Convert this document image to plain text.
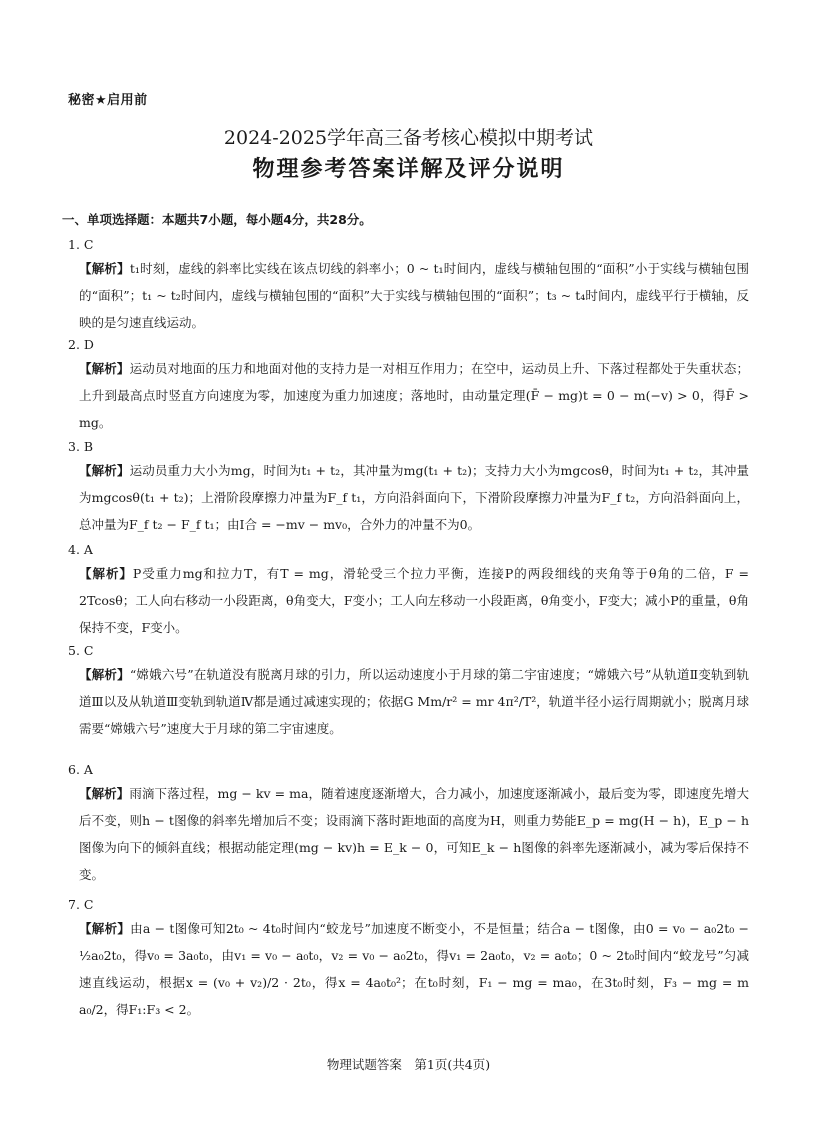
秘密★启用前
2024-2025学年高三备考核心模拟中期考试
物理参考答案详解及评分说明
一、单项选择题：本题共7小题，每小题4分，共28分。
1. C
【解析】t₁时刻，虚线的斜率比实线在该点切线的斜率小；0 ~ t₁时间内，虚线与横轴包围的“面积”小于实线与横轴包围的“面积”；t₁ ~ t₂时间内，虚线与横轴包围的“面积”大于实线与横轴包围的“面积”；t₃ ~ t₄时间内，虚线平行于横轴，反映的是匀速直线运动。
2. D
【解析】运动员对地面的压力和地面对他的支持力是一对相互作用力；在空中，运动员上升、下落过程都处于失重状态；上升到最高点时竖直方向速度为零，加速度为重力加速度；落地时，由动量定理(F̄ − mg)t = 0 − m(−v) > 0，得F̄ > mg。
3. B
【解析】运动员重力大小为mg，时间为t₁ + t₂，其冲量为mg(t₁ + t₂)；支持力大小为mgcosθ，时间为t₁ + t₂，其冲量为mgcosθ(t₁ + t₂)；上滑阶段摩擦力冲量为F_f t₁，方向沿斜面向下，下滑阶段摩擦力冲量为F_f t₂，方向沿斜面向上，总冲量为F_f t₂ − F_f t₁；由I合 = −mv − mv₀，合外力的冲量不为0。
4. A
【解析】P受重力mg和拉力T，有T = mg，滑轮受三个拉力平衡，连接P的两段细线的夹角等于θ角的二倍，F = 2Tcosθ；工人向右移动一小段距离，θ角变大，F变小；工人向左移动一小段距离，θ角变小，F变大；减小P的重量，θ角保持不变，F变小。
5. C
【解析】“嫦娥六号”在轨道没有脱离月球的引力，所以运动速度小于月球的第二宇宙速度；“嫦娥六号”从轨道Ⅱ变轨到轨道Ⅲ以及从轨道Ⅲ变轨到轨道Ⅳ都是通过减速实现的；依据G Mm/r² = mr 4π²/T²，轨道半径小运行周期就小；脱离月球需要“嫦娥六号”速度大于月球的第二宇宙速度。
6. A
【解析】雨滴下落过程，mg − kv = ma，随着速度逐渐增大，合力减小，加速度逐渐减小，最后变为零，即速度先增大后不变，则h − t图像的斜率先增加后不变；设雨滴下落时距地面的高度为H，则重力势能E_p = mg(H − h)，E_p − h图像为向下的倾斜直线；根据动能定理(mg − kv)h = E_k − 0，可知E_k − h图像的斜率先逐渐减小，减为零后保持不变。
7. C
【解析】由a − t图像可知2t₀ ~ 4t₀时间内“蛟龙号”加速度不断变小，不是恒量；结合a − t图像，由0 = v₀ − a₀2t₀ − ½a₀2t₀，得v₀ = 3a₀t₀，由v₁ = v₀ − a₀t₀，v₂ = v₀ − a₀2t₀，得v₁ = 2a₀t₀，v₂ = a₀t₀；0 ~ 2t₀时间内“蛟龙号”匀减速直线运动，根据x = (v₀ + v₂)/2 · 2t₀，得x = 4a₀t₀²；在t₀时刻，F₁ − mg = ma₀，在3t₀时刻，F₃ − mg = m a₀/2，得F₁:F₃ < 2。
物理试题答案　第1页(共4页)
